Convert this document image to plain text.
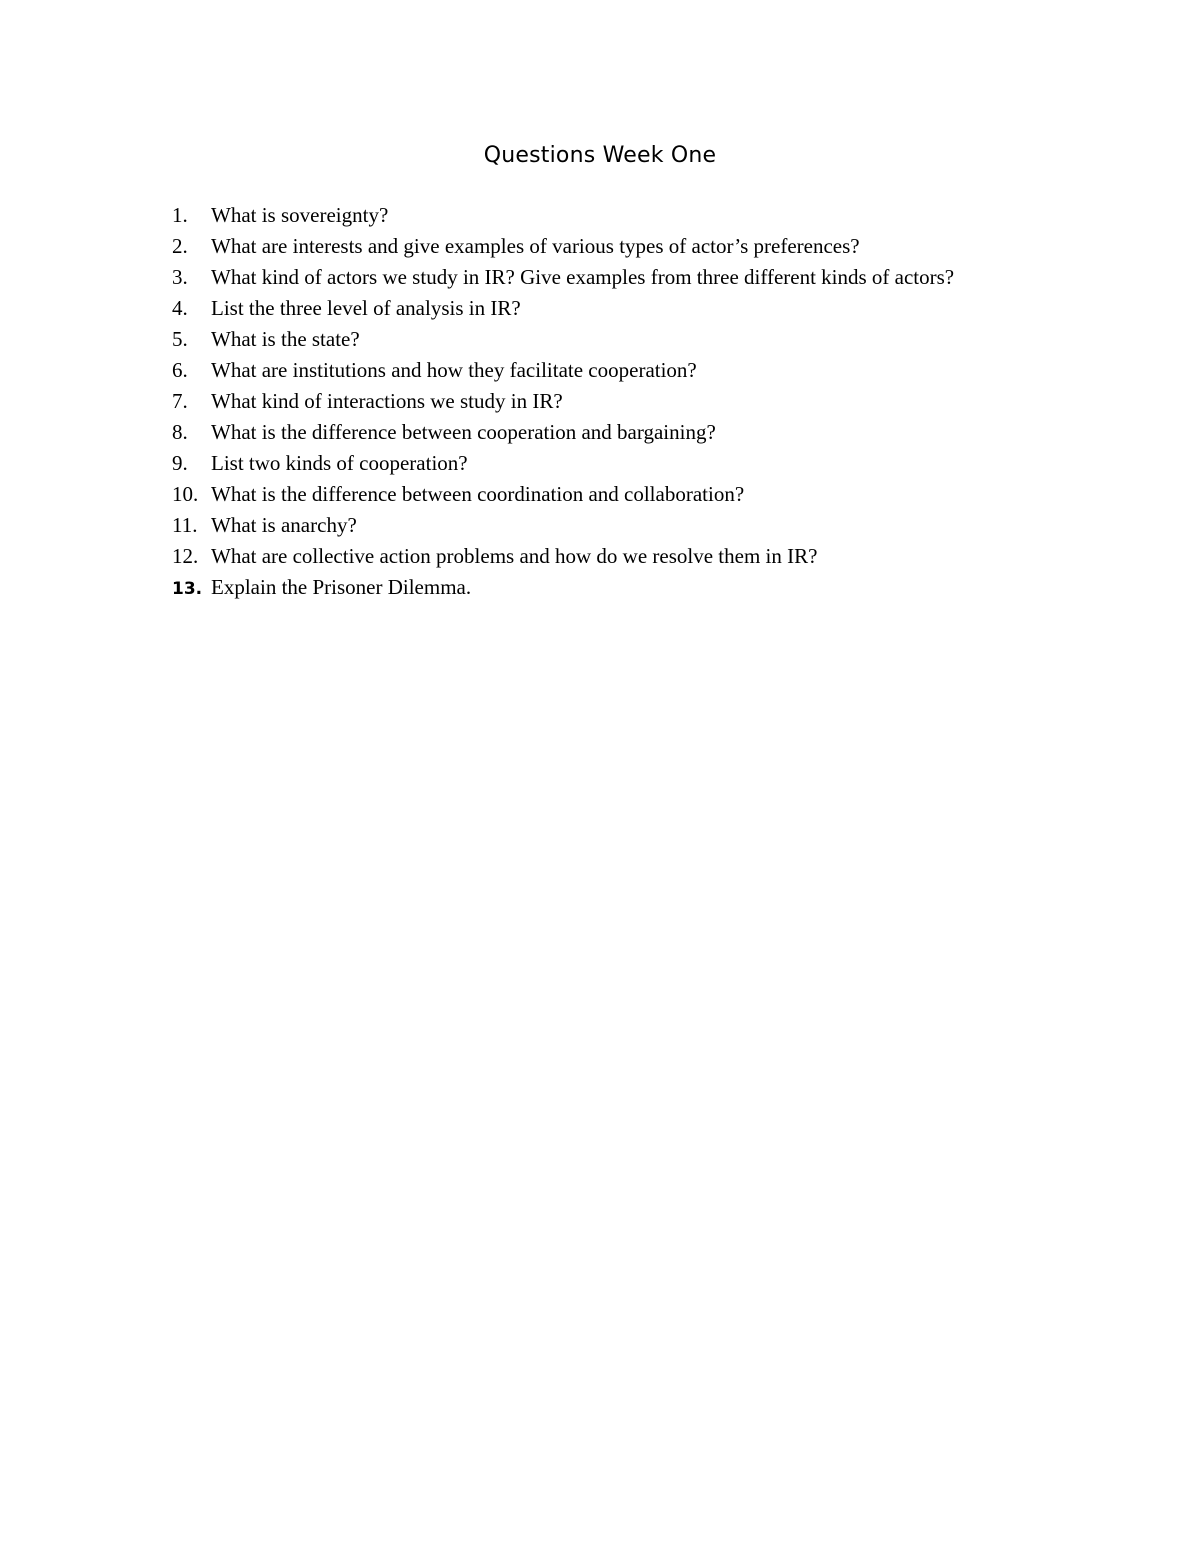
Questions Week One
1.	What is sovereignty?
2.	What are interests and give examples of various types of actor’s preferences?
3.	What kind of actors we study in IR? Give examples from three different kinds of actors?
4.	List the three level of analysis in IR?
5.	What is the state?
6.	What are institutions and how they facilitate cooperation?
7.	What kind of interactions we study in IR?
8.	What is the difference between cooperation and bargaining?
9.	List two kinds of cooperation?
10. What is the difference between coordination and collaboration?
11. What is anarchy?
12. What are collective action problems and how do we resolve them in IR?
13. Explain the Prisoner Dilemma.
